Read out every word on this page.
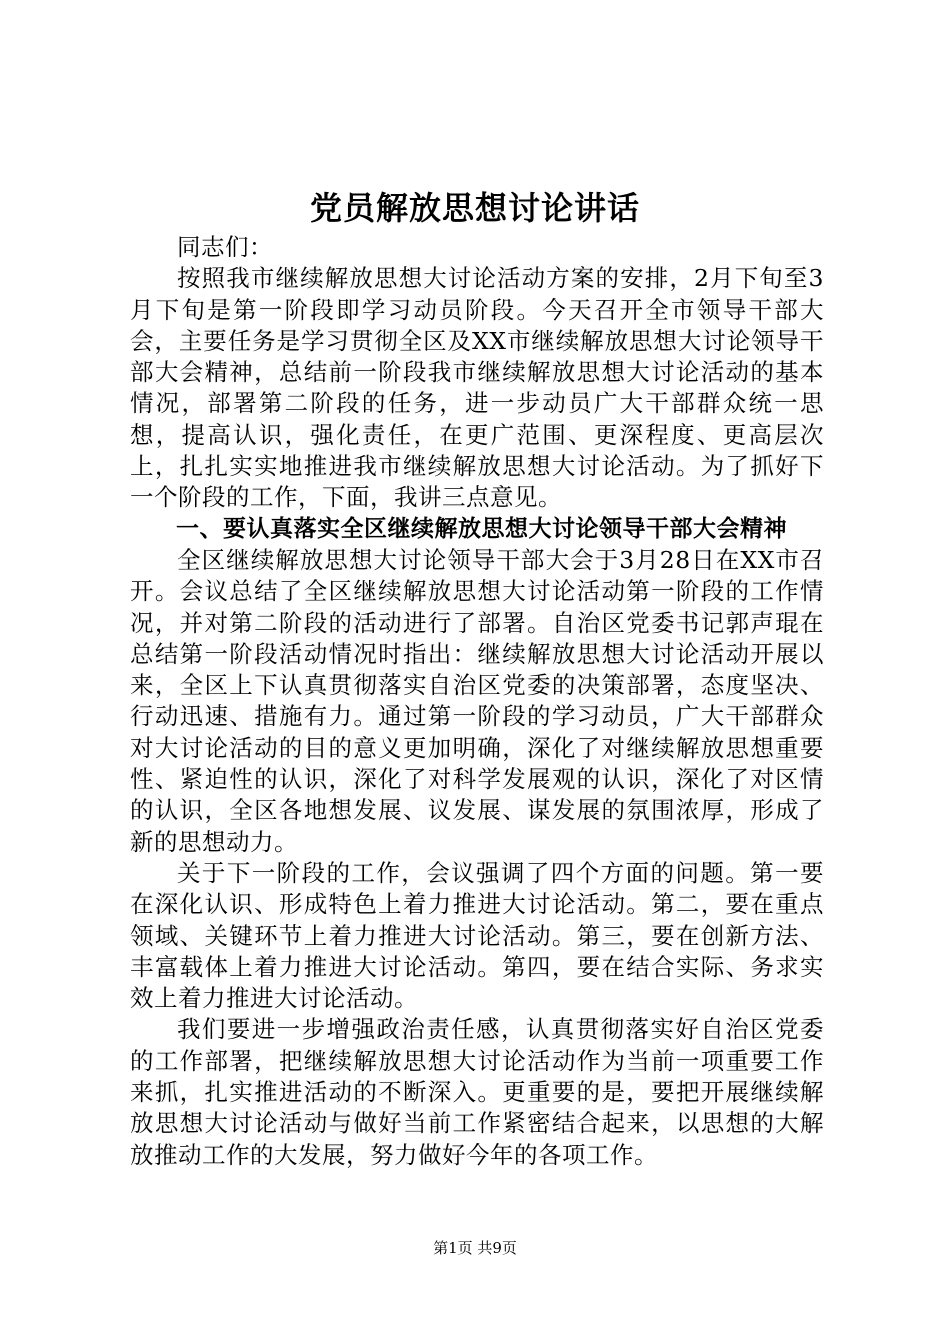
党员解放思想讨论讲话

同志们：

按照我市继续解放思想大讨论活动方案的安排，2月下旬至3月下旬是第一阶段即学习动员阶段。今天召开全市领导干部大会，主要任务是学习贯彻全区及XX市继续解放思想大讨论领导干部大会精神，总结前一阶段我市继续解放思想大讨论活动的基本情况，部署第二阶段的任务，进一步动员广大干部群众统一思想，提高认识，强化责任，在更广范围、更深程度、更高层次上，扎扎实实地推进我市继续解放思想大讨论活动。为了抓好下一个阶段的工作，下面，我讲三点意见。

一、要认真落实全区继续解放思想大讨论领导干部大会精神

全区继续解放思想大讨论领导干部大会于3月28日在XX市召开。会议总结了全区继续解放思想大讨论活动第一阶段的工作情况，并对第二阶段的活动进行了部署。自治区党委书记郭声琨在总结第一阶段活动情况时指出：继续解放思想大讨论活动开展以来，全区上下认真贯彻落实自治区党委的决策部署，态度坚决、行动迅速、措施有力。通过第一阶段的学习动员，广大干部群众对大讨论活动的目的意义更加明确，深化了对继续解放思想重要性、紧迫性的认识，深化了对科学发展观的认识，深化了对区情的认识，全区各地想发展、议发展、谋发展的氛围浓厚，形成了新的思想动力。

关于下一阶段的工作，会议强调了四个方面的问题。第一要在深化认识、形成特色上着力推进大讨论活动。第二，要在重点领域、关键环节上着力推进大讨论活动。第三，要在创新方法、丰富载体上着力推进大讨论活动。第四，要在结合实际、务求实效上着力推进大讨论活动。

我们要进一步增强政治责任感，认真贯彻落实好自治区党委的工作部署，把继续解放思想大讨论活动作为当前一项重要工作来抓，扎实推进活动的不断深入。更重要的是，要把开展继续解放思想大讨论活动与做好当前工作紧密结合起来，以思想的大解放推动工作的大发展，努力做好今年的各项工作。

第1页 共9页
